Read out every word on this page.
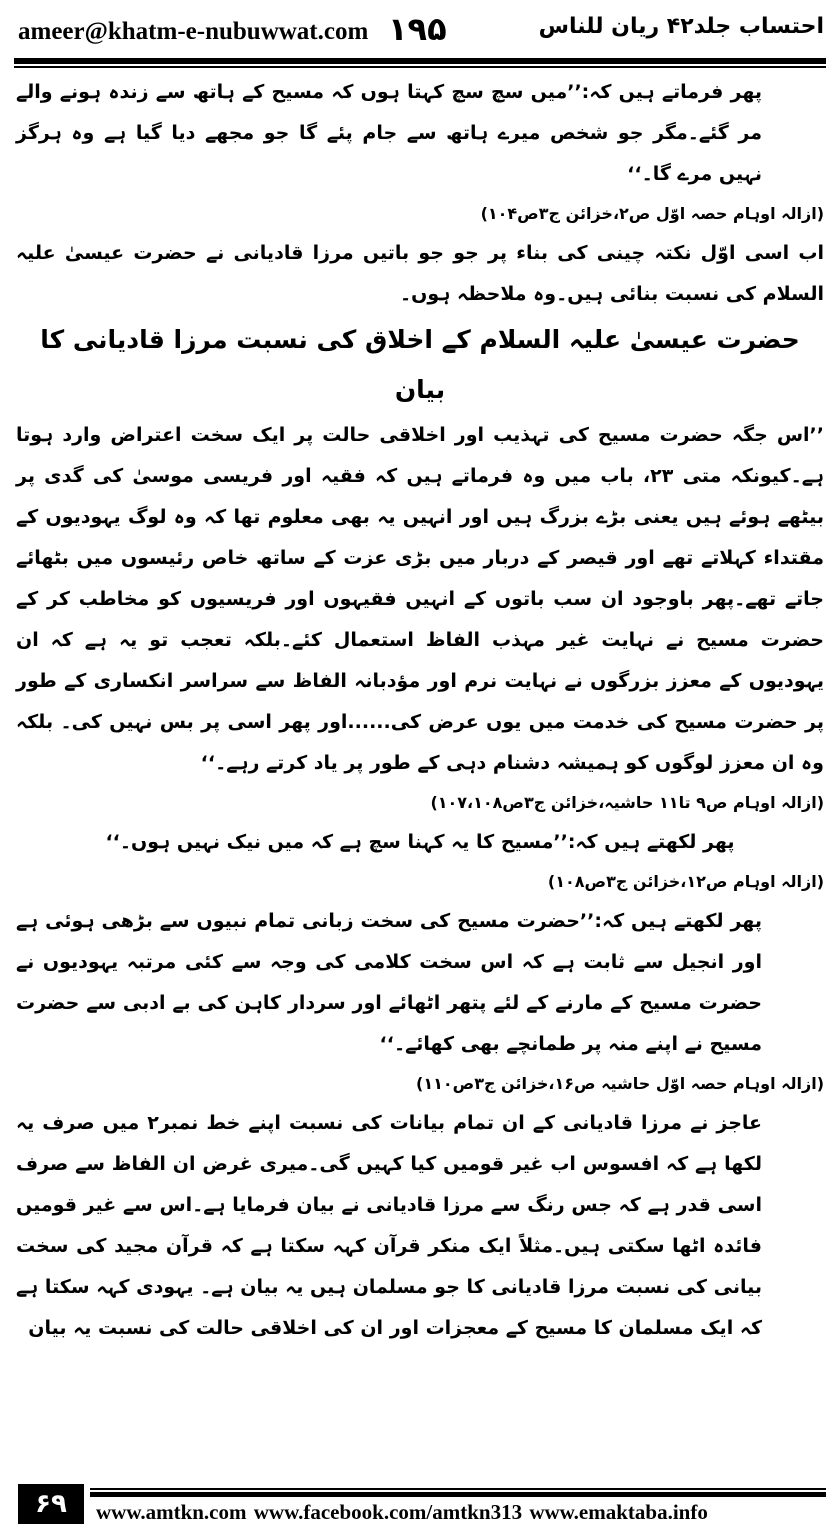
ameer@khatm-e-nubuwwat.com ۱۹۵	احتساب جلد۴۲ ریان للناس

پھر فرماتے ہیں کہ:’’میں سچ سچ کہتا ہوں کہ مسیح کے ہاتھ سے زندہ ہونے والے مر گئے۔مگر جو شخص میرے ہاتھ سے جام پئے گا جو مجھے دیا گیا ہے وہ ہرگز نہیں مرے گا۔‘‘

(ازالہ اوہام حصہ اوّل ص۲،خزائن ج۳ص۱۰۴)

اب اسی اوّل نکتہ چینی کی بناء پر جو جو باتیں مرزا قادیانی نے حضرت عیسیٰ علیہ السلام کی نسبت بنائی ہیں۔وہ ملاحظہ ہوں۔

حضرت عیسیٰ علیہ السلام کے اخلاق کی نسبت مرزا قادیانی کا بیان

’’اس جگہ حضرت مسیح کی تہذیب اور اخلاقی حالت پر ایک سخت اعتراض وارد ہوتا ہے۔کیونکہ متی ۲۳، باب میں وہ فرماتے ہیں کہ فقیہ اور فریسی موسیٰ کی گدی پر بیٹھے ہوئے ہیں یعنی بڑے بزرگ ہیں اور انہیں یہ بھی معلوم تھا کہ وہ لوگ یہودیوں کے مقتداء کہلاتے تھے اور قیصر کے دربار میں بڑی عزت کے ساتھ خاص رئیسوں میں بٹھائے جاتے تھے۔پھر باوجود ان سب باتوں کے انہیں فقیہوں اور فریسیوں کو مخاطب کر کے حضرت مسیح نے نہایت غیر مہذب الفاظ استعمال کئے۔بلکہ تعجب تو یہ ہے کہ ان یہودیوں کے معزز بزرگوں نے نہایت نرم اور مؤدبانہ الفاظ سے سراسر انکساری کے طور پر حضرت مسیح کی خدمت میں یوں عرض کی......اور پھر اسی پر بس نہیں کی۔ بلکہ وہ ان معزز لوگوں کو ہمیشہ دشنام دہی کے طور پر یاد کرتے رہے۔‘‘

(ازالہ اوہام ص۹ تا۱۱ حاشیہ،خزائن ج۳ص۱۰۷،۱۰۸)

پھر لکھتے ہیں کہ:’’مسیح کا یہ کہنا سچ ہے کہ میں نیک نہیں ہوں۔‘‘

(ازالہ اوہام ص۱۲،خزائن ج۳ص۱۰۸)

پھر لکھتے ہیں کہ:’’حضرت مسیح کی سخت زبانی تمام نبیوں سے بڑھی ہوئی ہے اور انجیل سے ثابت ہے کہ اس سخت کلامی کی وجہ سے کئی مرتبہ یہودیوں نے حضرت مسیح کے مارنے کے لئے پتھر اٹھائے اور سردار کاہن کی بے ادبی سے حضرت مسیح نے اپنے منہ پر طمانچے بھی کھائے۔‘‘

(ازالہ اوہام حصہ اوّل حاشیہ ص۱۶،خزائن ج۳ص۱۱۰)

عاجز نے مرزا قادیانی کے ان تمام بیانات کی نسبت اپنے خط نمبر۲ میں صرف یہ لکھا ہے کہ افسوس اب غیر قومیں کیا کہیں گی۔میری غرض ان الفاظ سے صرف اسی قدر ہے کہ جس رنگ سے مرزا قادیانی نے بیان فرمایا ہے۔اس سے غیر قومیں فائدہ اٹھا سکتی ہیں۔مثلاً ایک منکر قرآن کہہ سکتا ہے کہ قرآن مجید کی سخت بیانی کی نسبت مرزا قادیانی کا جو مسلمان ہیں یہ بیان ہے۔ یہودی کہہ سکتا ہے کہ ایک مسلمان کا مسیح کے معجزات اور ان کی اخلاقی حالت کی نسبت یہ بیان

۶۹	www.amtkn.com www.facebook.com/amtkn313 www.emaktaba.info
